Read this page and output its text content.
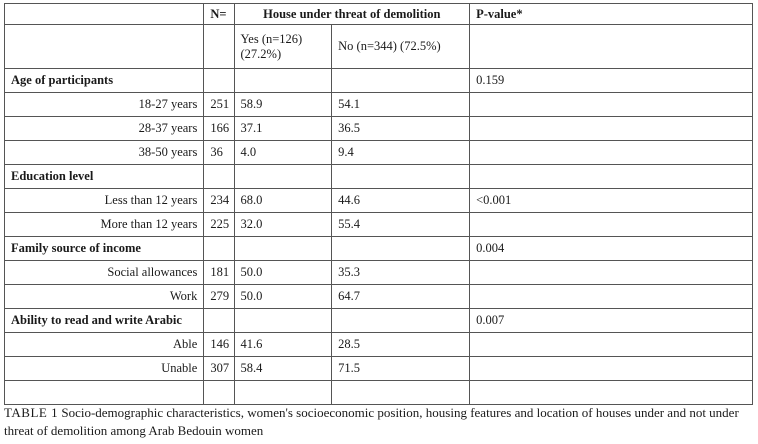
	N=	House under threat of demolition		P-value*
		Yes (n=126) (27.2%)	No (n=344) (72.5%)	
Age of participants				0.159
18-27 years	251	58.9	54.1	
28-37 years	166	37.1	36.5	
38-50 years	36	4.0	9.4	
Education level				
Less than 12 years	234	68.0	44.6	<0.001
More than 12 years	225	32.0	55.4	
Family source of income				0.004
Social allowances	181	50.0	35.3	
Work	279	50.0	64.7	
Ability to read and write Arabic				0.007
Able	146	41.6	28.5	
Unable	307	58.4	71.5	

TABLE 1 Socio-demographic characteristics, women's socioeconomic position, housing features and location of houses under and not under threat of demolition among Arab Bedouin women
